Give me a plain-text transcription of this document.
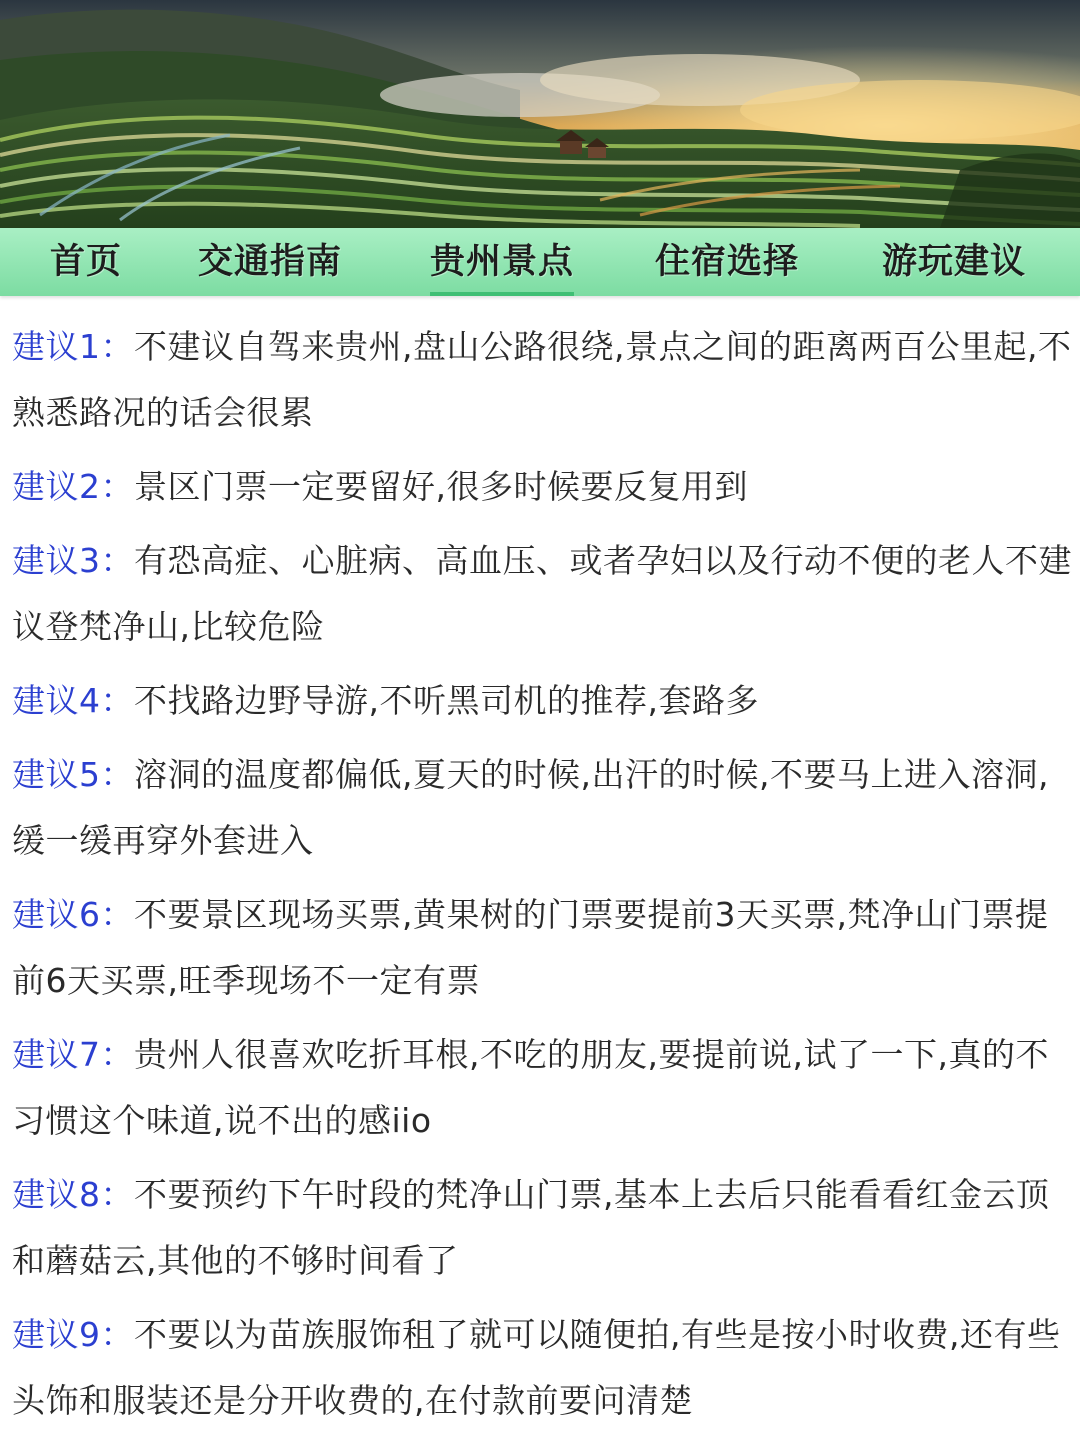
首页 交通指南	贵州景点 住宿选择 游玩建议
建议1：不建议自驾来贵州,盘山公路很绕,景点之间的距离两百公里起,不熟悉路况的话会很累
建议2：景区门票一定要留好,很多时候要反复用到
建议3：有恐高症、心脏病、高血压、或者孕妇以及行动不便的老人不建议登梵净山,比较危险
建议4：不找路边野导游,不听黑司机的推荐,套路多
建议5：溶洞的温度都偏低,夏天的时候,出汗的时候,不要马上进入溶洞,缓一缓再穿外套进入
建议6：不要景区现场买票,黄果树的门票要提前3天买票,梵净山门票提前6天买票,旺季现场不一定有票
建议7：贵州人很喜欢吃折耳根,不吃的朋友,要提前说,试了一下,真的不习惯这个味道,说不出的感iio
建议8：不要预约下午时段的梵净山门票,基本上去后只能看看红金云顶和蘑菇云,其他的不够时间看了
建议9：不要以为苗族服饰租了就可以随便拍,有些是按小时收费,还有些头饰和服装还是分开收费的,在付款前要问清楚
